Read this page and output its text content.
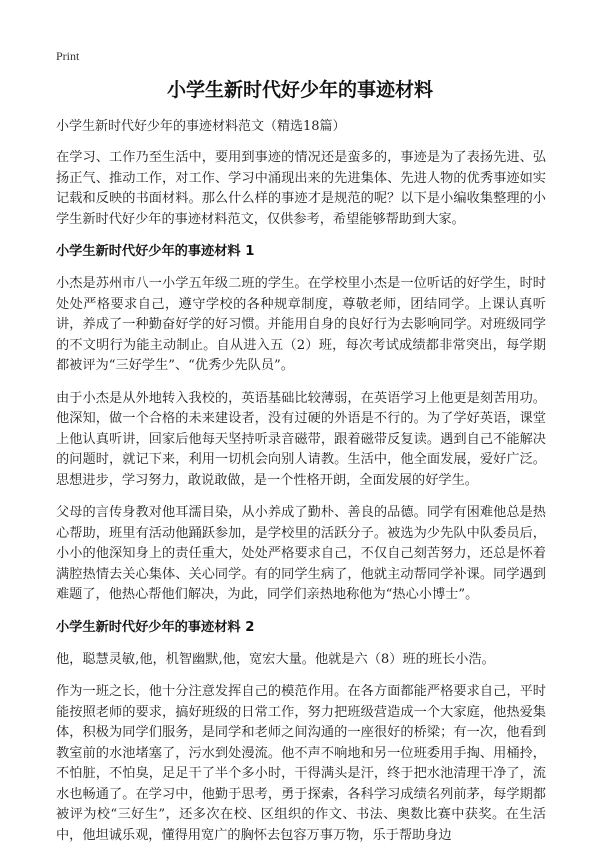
Print
小学生新时代好少年的事迹材料
小学生新时代好少年的事迹材料范文（精选18篇）

在学习、工作乃至生活中，要用到事迹的情况还是蛮多的，事迹是为了表扬先进、弘扬正气、推动工作，对工作、学习中涌现出来的先进集体、先进人物的优秀事迹如实记载和反映的书面材料。那么什么样的事迹才是规范的呢？以下是小编收集整理的小学生新时代好少年的事迹材料范文，仅供参考，希望能够帮助到大家。

小学生新时代好少年的事迹材料 1

小杰是苏州市八一小学五年级二班的学生。在学校里小杰是一位听话的好学生，时时处处严格要求自己，遵守学校的各种规章制度，尊敬老师，团结同学。上课认真听讲，养成了一种勤奋好学的好习惯。并能用自身的良好行为去影响同学。对班级同学的不文明行为能主动制止。自从进入五（2）班，每次考试成绩都非常突出，每学期都被评为“三好学生”、“优秀少先队员”。

由于小杰是从外地转入我校的，英语基础比较薄弱，在英语学习上他更是刻苦用功。他深知，做一个合格的未来建设者，没有过硬的外语是不行的。为了学好英语，课堂上他认真听讲，回家后他每天坚持听录音磁带，跟着磁带反复读。遇到自己不能解决的问题时，就记下来，利用一切机会向别人请教。生活中，他全面发展，爱好广泛。思想进步，学习努力，敢说敢做，是一个性格开朗，全面发展的好学生。

父母的言传身教对他耳濡目染，从小养成了勤朴、善良的品德。同学有困难他总是热心帮助，班里有活动他踊跃参加，是学校里的活跃分子。被选为少先队中队委员后，小小的他深知身上的责任重大，处处严格要求自己，不仅自己刻苦努力，还总是怀着满腔热情去关心集体、关心同学。有的同学生病了，他就主动帮同学补课。同学遇到难题了，他热心帮他们解决，为此，同学们亲热地称他为“热心小博士”。

小学生新时代好少年的事迹材料 2

他，聪慧灵敏,他，机智幽默,他，宽宏大量。他就是六（8）班的班长小浩。

作为一班之长，他十分注意发挥自己的模范作用。在各方面都能严格要求自己，平时能按照老师的要求，搞好班级的日常工作，努力把班级营造成一个大家庭，他热爱集体，积极为同学们服务，是同学和老师之间沟通的一座很好的桥梁；有一次，他看到教室前的水池堵塞了，污水到处漫流。他不声不响地和另一位班委用手掏、用桶拎，不怕脏，不怕臭，足足干了半个多小时，干得满头是汗，终于把水池清理干净了，流水也畅通了。在学习中，他勤于思考，勇于探索，各科学习成绩名列前茅，每学期都被评为校“三好生”，还多次在校、区组织的作文、书法、奥数比赛中获奖。在生活中，他坦诚乐观，懂得用宽广的胸怀去包容万事万物，乐于帮助身边
